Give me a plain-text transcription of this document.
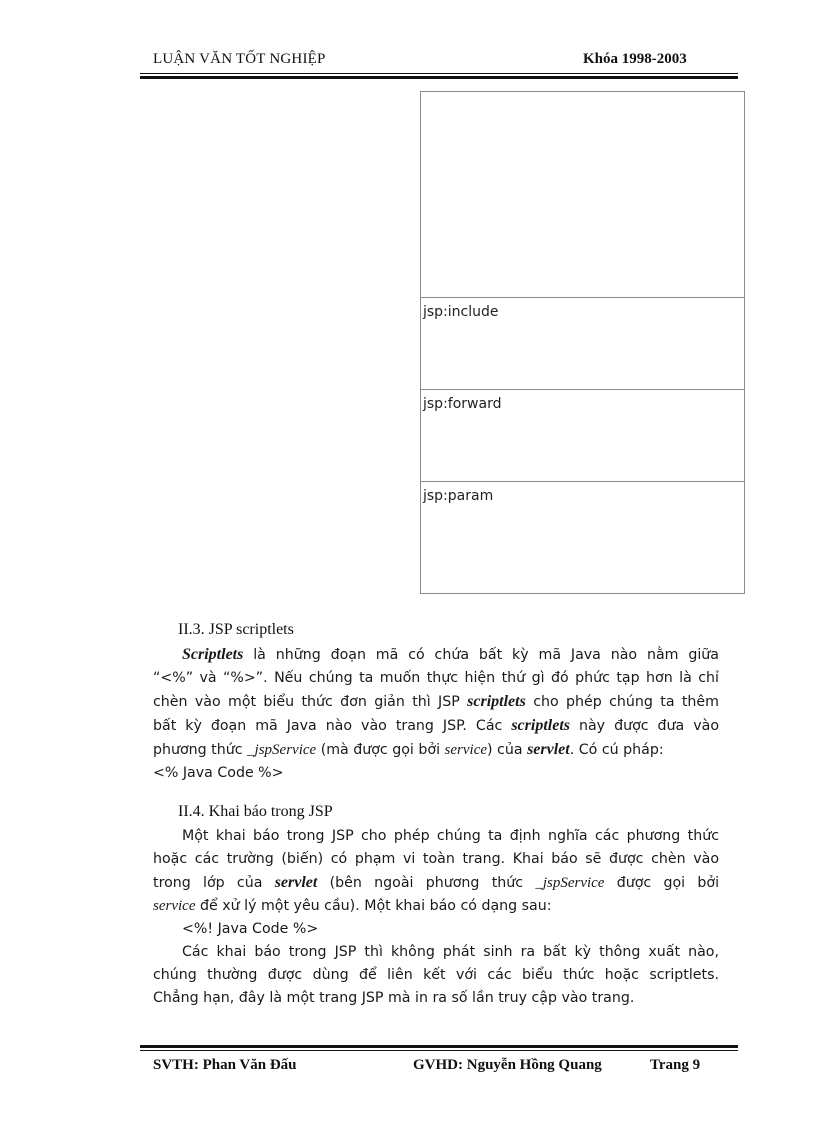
LUẬN VĂN TỐT NGHIỆP	Khóa 1998-2003
jsp:include
jsp:forward
jsp:param
II.3. JSP scriptlets
Scriptlets là những đoạn mã có chứa bất kỳ mã Java nào nằm giữa
“<%” và “%>”. Nếu chúng ta muốn thực hiện thứ gì đó phức tạp hơn là chỉ
chèn vào một biểu thức đơn giản thì JSP scriptlets cho phép chúng ta thêm
bất kỳ đoạn mã Java nào vào trang JSP. Các scriptlets này được đưa vào
phương thức _jspService (mà được gọi bởi service) của servlet. Có cú pháp:
<% Java Code %>
II.4. Khai báo trong JSP
Một khai báo trong JSP cho phép chúng ta định nghĩa các phương thức
hoặc các trường (biến) có phạm vi toàn trang. Khai báo sẽ được chèn vào
trong lớp của servlet (bên ngoài phương thức _jspService được gọi bởi
service để xử lý một yêu cầu). Một khai báo có dạng sau:
<%! Java Code %>
Các khai báo trong JSP thì không phát sinh ra bất kỳ thông xuất nào,
chúng thường được dùng để liên kết với các biểu thức hoặc scriptlets.
Chẳng hạn, đây là một trang JSP mà in ra số lần truy cập vào trang.
SVTH: Phan Văn Đấu	GVHD: Nguyễn Hồng Quang	Trang 9
